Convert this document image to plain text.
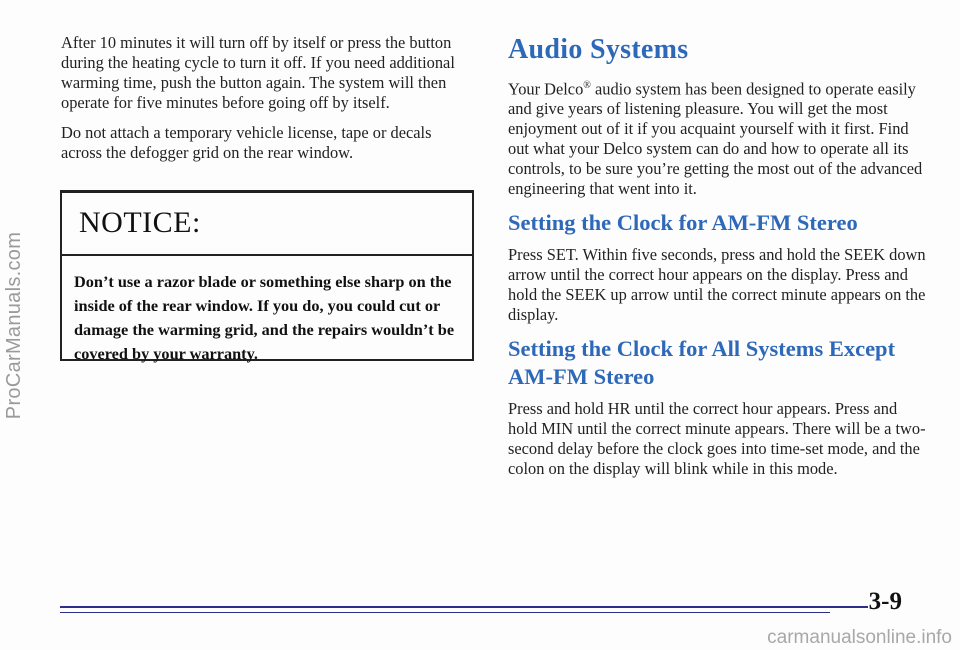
ProCarManuals.com

After 10 minutes it will turn off by itself or press the button during the heating cycle to turn it off. If you need additional warming time, push the button again. The system will then operate for five minutes before going off by itself.

Do not attach a temporary vehicle license, tape or decals across the defogger grid on the rear window.

NOTICE:
Don’t use a razor blade or something else sharp on the inside of the rear window. If you do, you could cut or damage the warming grid, and the repairs wouldn’t be covered by your warranty.
Audio Systems

Your Delco® audio system has been designed to operate easily and give years of listening pleasure. You will get the most enjoyment out of it if you acquaint yourself with it first. Find out what your Delco system can do and how to operate all its controls, to be sure you’re getting the most out of the advanced engineering that went into it.

Setting the Clock for AM-FM Stereo

Press SET. Within five seconds, press and hold the SEEK down arrow until the correct hour appears on the display. Press and hold the SEEK up arrow until the correct minute appears on the display.

Setting the Clock for All Systems Except AM-FM Stereo

Press and hold HR until the correct hour appears. Press and hold MIN until the correct minute appears. There will be a two-second delay before the clock goes into time-set mode, and the colon on the display will blink while in this mode.

3-9
carmanualsonline.info
